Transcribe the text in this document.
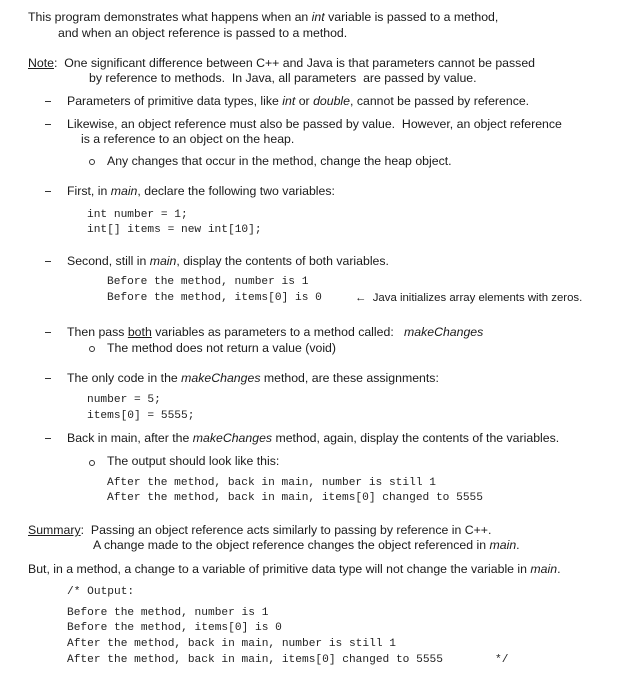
This program demonstrates what happens when an int variable is passed to a method,
and when an object reference is passed to a method.
Note:  One significant difference between C++ and Java is that parameters cannot be passed
by reference to methods.  In Java, all parameters  are passed by value.
Parameters of primitive data types, like int or double, cannot be passed by reference.
Likewise, an object reference must also be passed by value.  However, an object reference
is a reference to an object on the heap.
Any changes that occur in the method, change the heap object.
First, in main, declare the following two variables:
int number = 1;
int[] items = new int[10];
Second, still in main, display the contents of both variables.
Before the method, number is 1
Before the method, items[0] is 0	←  Java initializes array elements with zeros.
Then pass both variables as parameters to a method called:   makeChanges
The method does not return a value (void)
The only code in the makeChanges method, are these assignments:
number = 5;
items[0] = 5555;
Back in main, after the makeChanges method, again, display the contents of the variables.
The output should look like this:
After the method, back in main, number is still 1
After the method, back in main, items[0] changed to 5555
Summary:  Passing an object reference acts similarly to passing by reference in C++.
A change made to the object reference changes the object referenced in main.
But, in a method, a change to a variable of primitive data type will not change the variable in main.
/* Output:
Before the method, number is 1
Before the method, items[0] is 0
After the method, back in main, number is still 1
After the method, back in main, items[0] changed to 5555	*/
